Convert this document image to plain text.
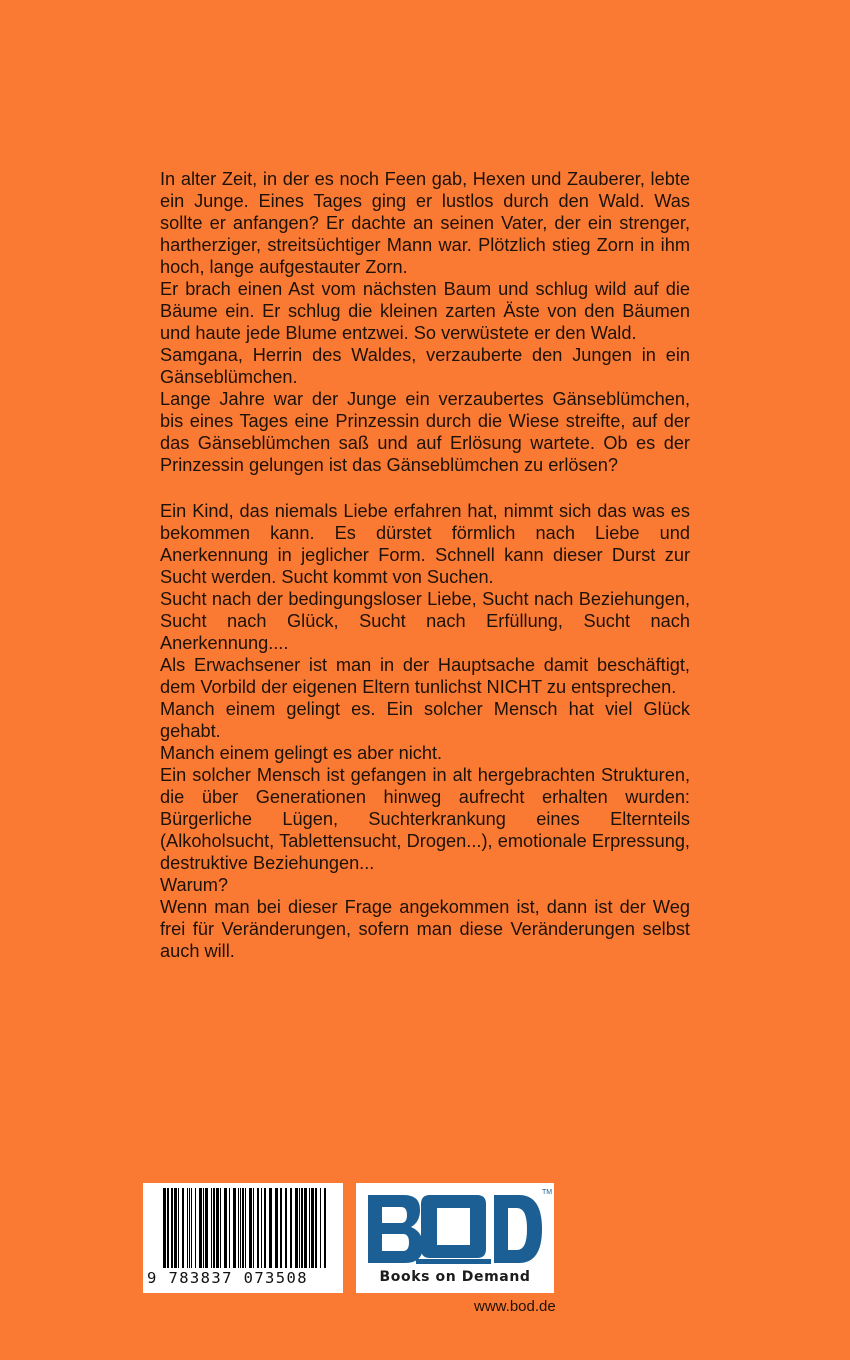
In alter Zeit, in der es noch Feen gab, Hexen und Zauberer, lebte ein Junge. Eines Tages ging er lustlos durch den Wald. Was sollte er anfangen? Er dachte an seinen Vater, der ein strenger, hartherziger, streitsüchtiger Mann war. Plötzlich stieg Zorn in ihm hoch, lange aufgestauter Zorn.

Er brach einen Ast vom nächsten Baum und schlug wild auf die Bäume ein. Er schlug die kleinen zarten Äste von den Bäumen und haute jede Blume entzwei. So verwüstete er den Wald.

Samgana, Herrin des Waldes, verzauberte den Jungen in ein Gänseblümchen.

Lange Jahre war der Junge ein verzaubertes Gänseblümchen, bis eines Tages eine Prinzessin durch die Wiese streifte, auf der das Gänseblümchen saß und auf Erlösung wartete. Ob es der Prinzessin gelungen ist das Gänseblümchen zu erlösen?

Ein Kind, das niemals Liebe erfahren hat, nimmt sich das was es bekommen kann. Es dürstet förmlich nach Liebe und Anerkennung in jeglicher Form. Schnell kann dieser Durst zur Sucht werden. Sucht kommt von Suchen.

Sucht nach der bedingungsloser Liebe, Sucht nach Beziehungen, Sucht nach Glück, Sucht nach Erfüllung, Sucht nach Anerkennung....

Als Erwachsener ist man in der Hauptsache damit beschäftigt, dem Vorbild der eigenen Eltern tunlichst NICHT zu entsprechen.

Manch einem gelingt es. Ein solcher Mensch hat viel Glück gehabt.

Manch einem gelingt es aber nicht.

Ein solcher Mensch ist gefangen in alt hergebrachten Strukturen, die über Generationen hinweg aufrecht erhalten wurden: Bürgerliche Lügen, Suchterkrankung eines Elternteils (Alkoholsucht, Tablettensucht, Drogen...), emotionale Erpressung, destruktive Beziehungen...

Warum?

Wenn man bei dieser Frage angekommen ist, dann ist der Weg frei für Veränderungen, sofern man diese Veränderungen selbst auch will.

9 783837 073508
TM
Books on Demand
www.bod.de
